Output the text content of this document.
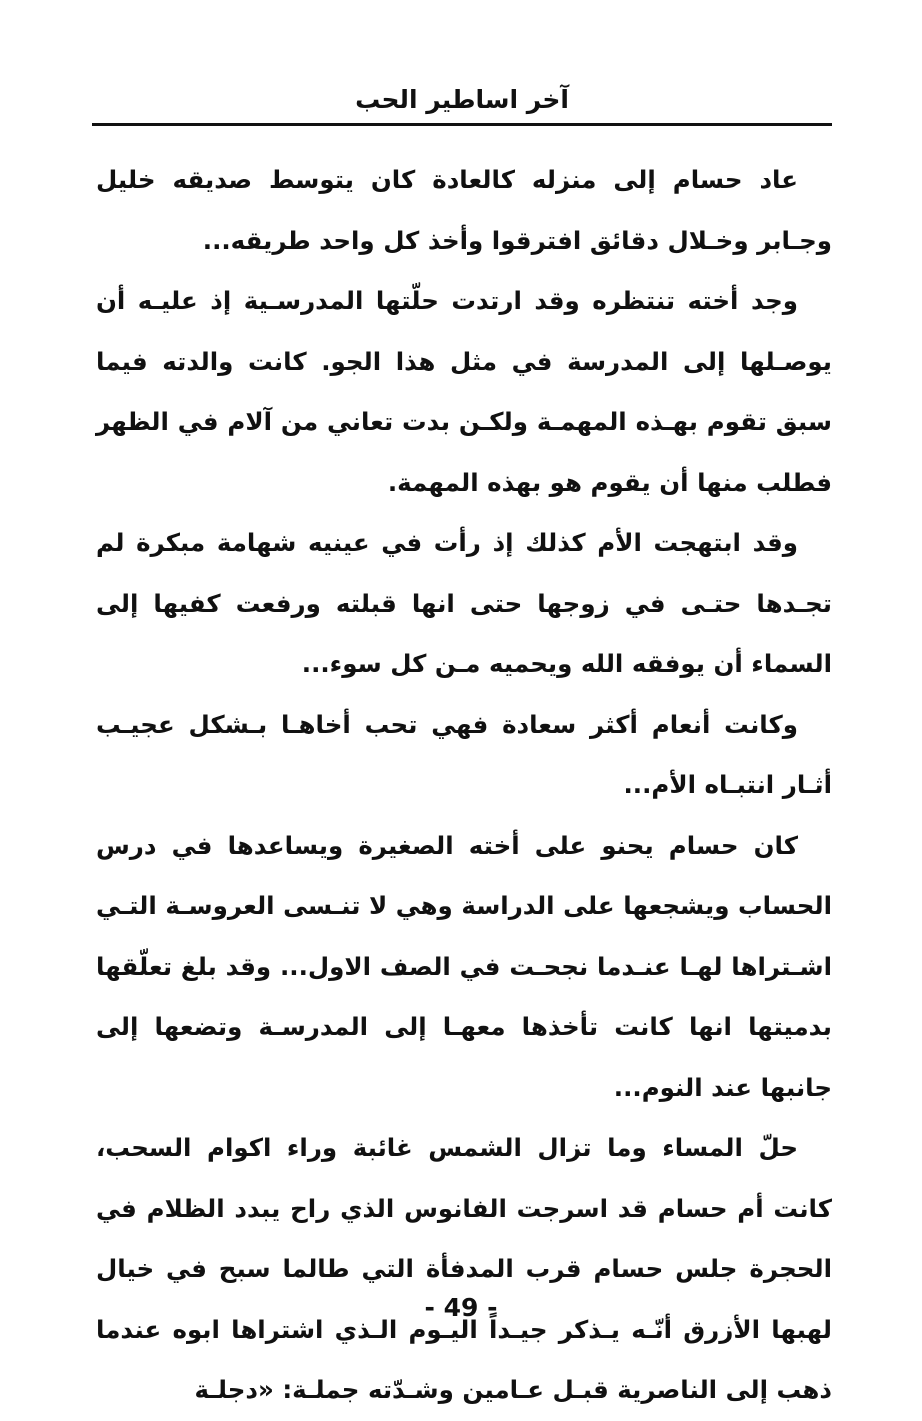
آخر اساطير الحب

عاد حسام إلى منزله كالعادة كان يتوسط صديقه خليل وجـابر وخـلال دقائق افترقوا وأخذ كل واحد طريقه...

وجد أخته تنتظره وقد ارتدت حلّتها المدرسـية إذ عليـه أن يوصـلها إلى المدرسة في مثل هذا الجو. كانت والدته فيما سبق تقوم بهـذه المهمـة ولكـن بدت تعاني من آلام في الظهر فطلب منها أن يقوم هو بهذه المهمة.

وقد ابتهجت الأم كذلك إذ رأت في عينيه شهامة مبكرة لم تجـدها حتـى في زوجها حتى انها قبلته ورفعت كفيها إلى السماء أن يوفقه الله ويحميه مـن كل سوء...

وكانت أنعام أكثر سعادة فهي تحب أخاهـا بـشكل عجيـب أثـار انتبـاه الأم...

كان حسام يحنو على أخته الصغيرة ويساعدها في درس الحساب ويشجعها على الدراسة وهي لا تنـسى العروسـة التـي اشـتراها لهـا عنـدما نجحـت في الصف الاول... وقد بلغ تعلّقها بدميتها انها كانت تأخذها معهـا إلى المدرسـة وتضعها إلى جانبها عند النوم...

حلّ المساء وما تزال الشمس غائبة وراء اكوام السحب، كانت أم حسام قد اسرجت الفانوس الذي راح يبدد الظلام في الحجرة جلس حسام قرب المدفأة التي طالما سبح في خيال لهبها الأزرق أنّـه يـذكر جيـداً اليـوم الـذي اشتراها ابوه عندما ذهب إلى الناصرية قبـل عـامين وشـدّته جملـة: «دجلـة

- 49 -
